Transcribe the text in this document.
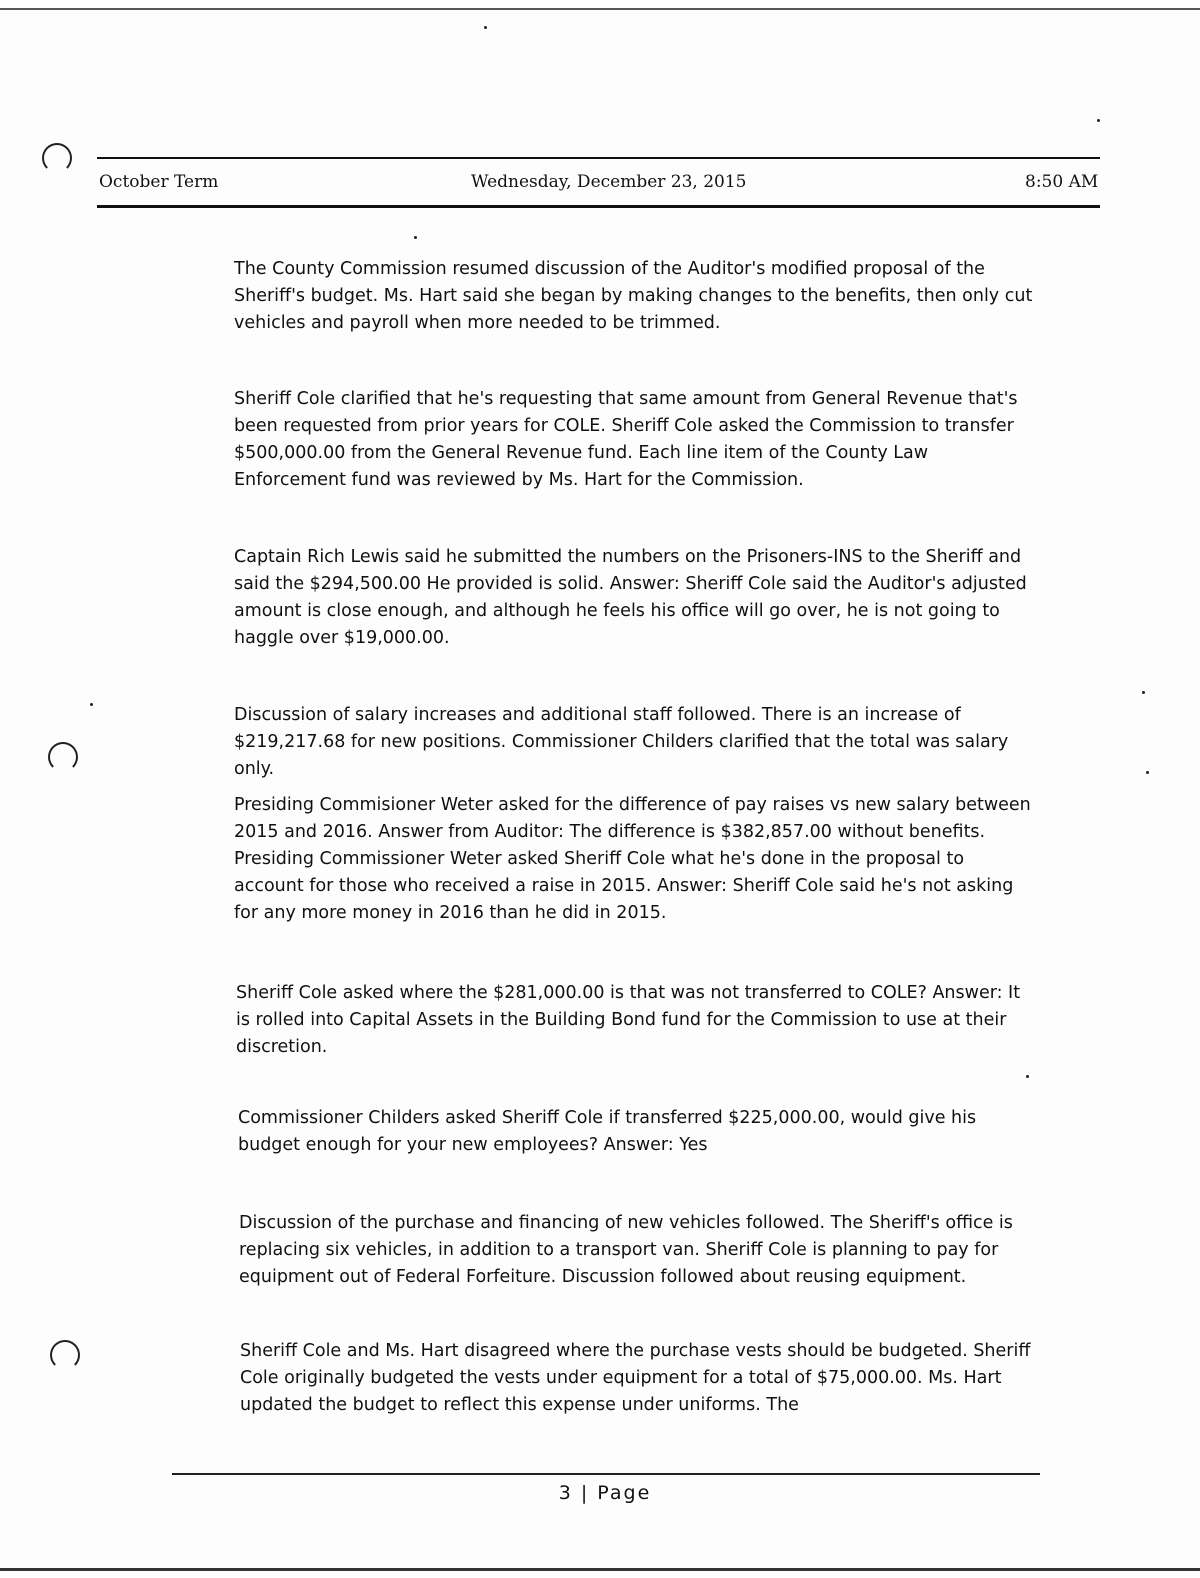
October Term	Wednesday, December 23, 2015	8:50 AM

The County Commission resumed discussion of the Auditor's modified proposal of the Sheriff's budget. Ms. Hart said she began by making changes to the benefits, then only cut vehicles and payroll when more needed to be trimmed.

Sheriff Cole clarified that he's requesting that same amount from General Revenue that's been requested from prior years for COLE. Sheriff Cole asked the Commission to transfer $500,000.00 from the General Revenue fund. Each line item of the County Law Enforcement fund was reviewed by Ms. Hart for the Commission.

Captain Rich Lewis said he submitted the numbers on the Prisoners-INS to the Sheriff and said the $294,500.00 He provided is solid. Answer: Sheriff Cole said the Auditor's adjusted amount is close enough, and although he feels his office will go over, he is not going to haggle over $19,000.00.

Discussion of salary increases and additional staff followed. There is an increase of $219,217.68 for new positions. Commissioner Childers clarified that the total was salary only.

Presiding Commisioner Weter asked for the difference of pay raises vs new salary between 2015 and 2016. Answer from Auditor: The difference is $382,857.00 without benefits. Presiding Commissioner Weter asked Sheriff Cole what he's done in the proposal to account for those who received a raise in 2015. Answer: Sheriff Cole said he's not asking for any more money in 2016 than he did in 2015.

Sheriff Cole asked where the $281,000.00 is that was not transferred to COLE? Answer: It is rolled into Capital Assets in the Building Bond fund for the Commission to use at their discretion.

Commissioner Childers asked Sheriff Cole if transferred $225,000.00, would give his budget enough for your new employees? Answer: Yes

Discussion of the purchase and financing of new vehicles followed. The Sheriff's office is replacing six vehicles, in addition to a transport van. Sheriff Cole is planning to pay for equipment out of Federal Forfeiture. Discussion followed about reusing equipment.

Sheriff Cole and Ms. Hart disagreed where the purchase vests should be budgeted. Sheriff Cole originally budgeted the vests under equipment for a total of $75,000.00. Ms. Hart updated the budget to reflect this expense under uniforms. The

3 | Page
